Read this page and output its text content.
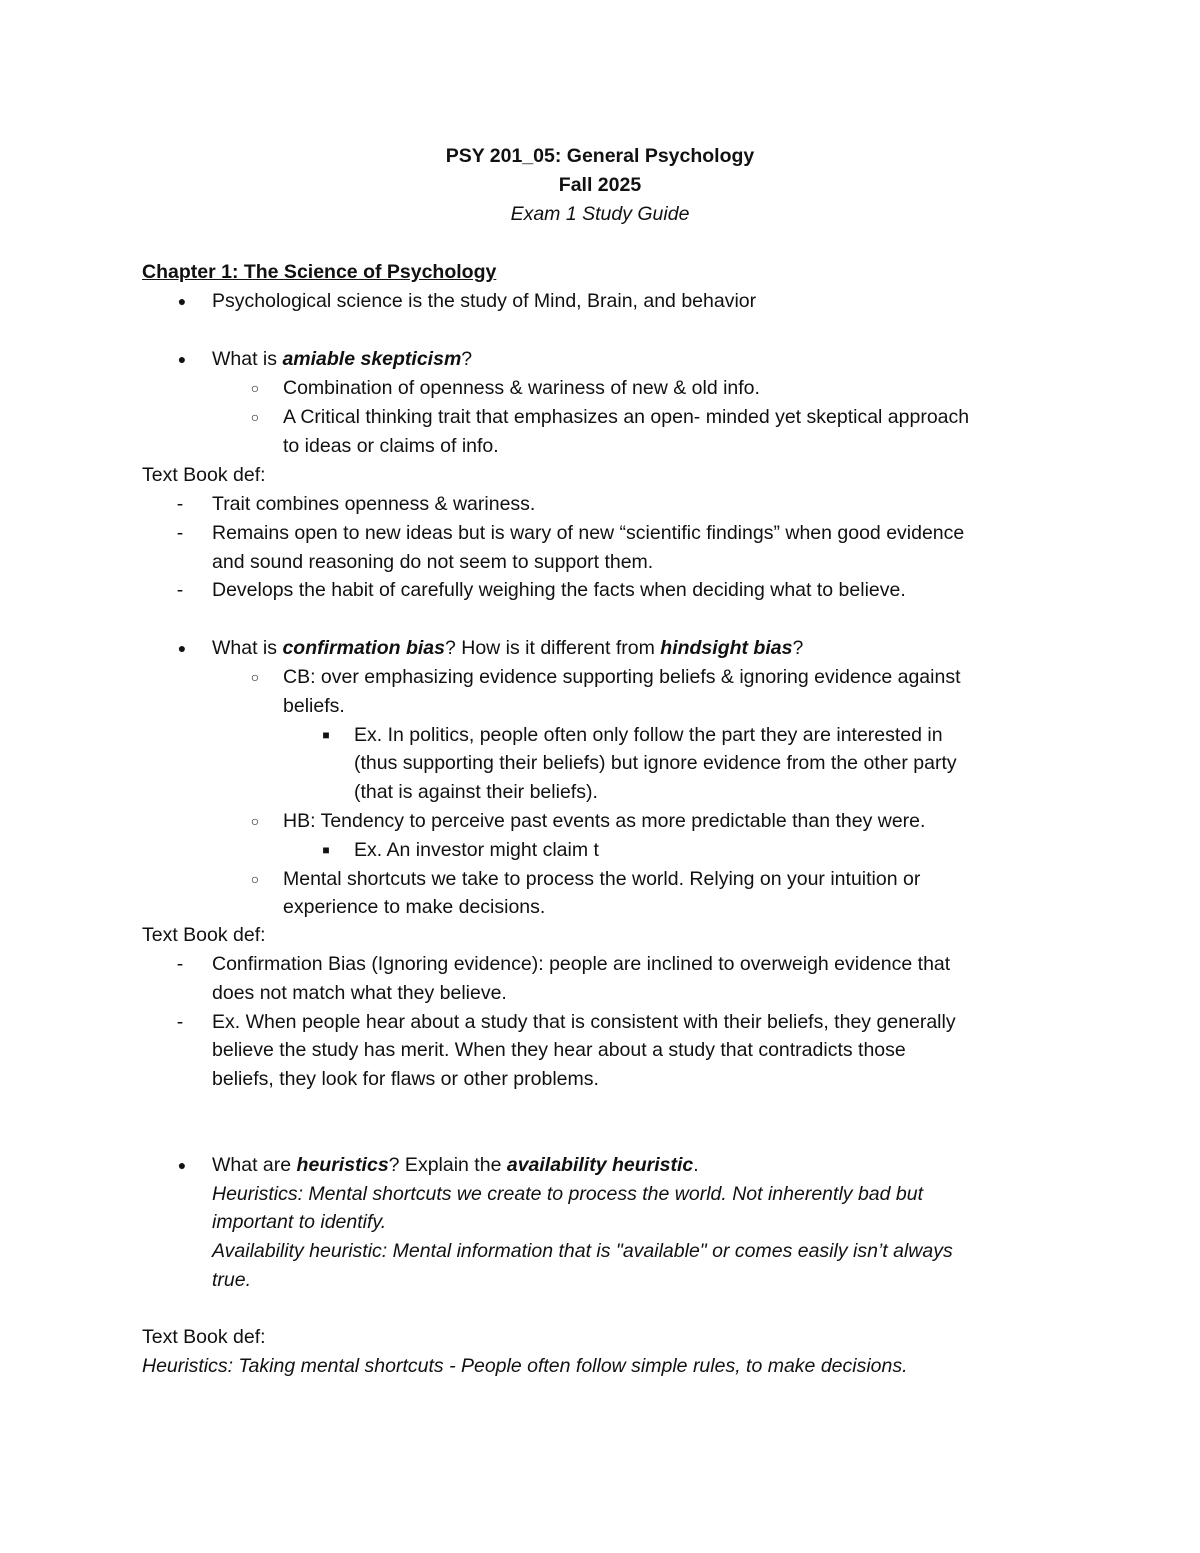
PSY 201_05: General Psychology
Fall 2025
Exam 1 Study Guide
Chapter 1: The Science of Psychology
● Psychological science is the study of Mind, Brain, and behavior
● What is amiable skepticism?
○ Combination of openness & wariness of new & old info.
○ A Critical thinking trait that emphasizes an open- minded yet skeptical approach
to ideas or claims of info.
Text Book def:
-	Trait combines openness & wariness.
-	Remains open to new ideas but is wary of new “scientific findings” when good evidence
and sound reasoning do not seem to support them.
-	Develops the habit of carefully weighing the facts when deciding what to believe.
● What is confirmation bias? How is it different from hindsight bias?
○ CB: over emphasizing evidence supporting beliefs & ignoring evidence against
beliefs.
■	Ex. In politics, people often only follow the part they are interested in
(thus supporting their beliefs) but ignore evidence from the other party
(that is against their beliefs).
○ HB: Tendency to perceive past events as more predictable than they were.
■	Ex. An investor might claim t
○ Mental shortcuts we take to process the world. Relying on your intuition or
experience to make decisions.
Text Book def:
-	Confirmation Bias (Ignoring evidence): people are inclined to overweigh evidence that
does not match what they believe.
-	Ex. When people hear about a study that is consistent with their beliefs, they generally
believe the study has merit. When they hear about a study that contradicts those
beliefs, they look for flaws or other problems.
● What are heuristics? Explain the availability heuristic.
Heuristics: Mental shortcuts we create to process the world. Not inherently bad but
important to identify.
Availability heuristic: Mental information that is "available" or comes easily isn’t always
true.
Text Book def:
Heuristics: Taking mental shortcuts - People often follow simple rules, to make decisions.
